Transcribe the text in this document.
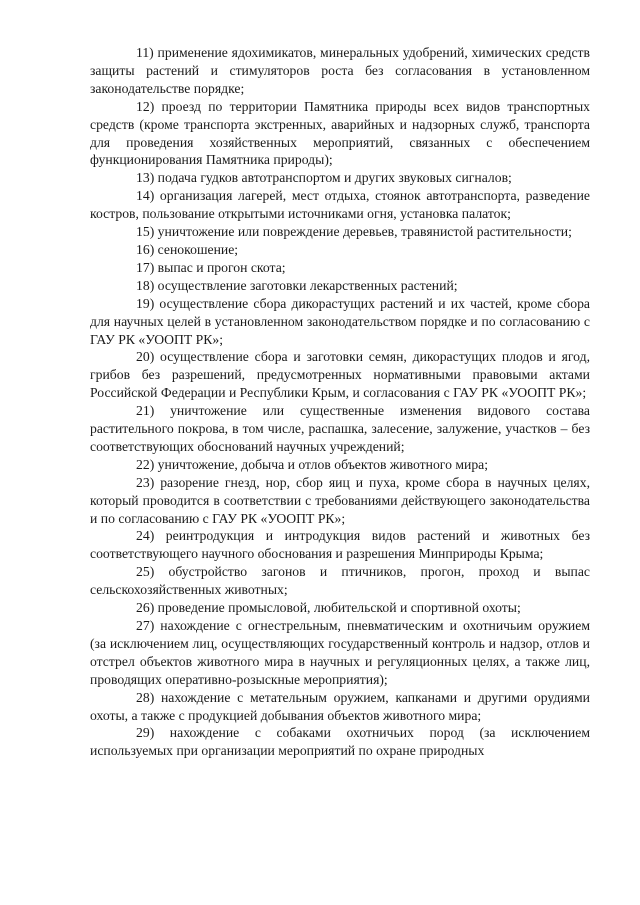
11) применение ядохимикатов, минеральных удобрений, химических средств защиты растений и стимуляторов роста без согласования в установленном законодательстве порядке;

12) проезд по территории Памятника природы всех видов транспортных средств (кроме транспорта экстренных, аварийных и надзорных служб, транспорта для проведения хозяйственных мероприятий, связанных с обеспечением функционирования Памятника природы);

13) подача гудков автотранспортом и других звуковых сигналов;

14) организация лагерей, мест отдыха, стоянок автотранспорта, разведение костров, пользование открытыми источниками огня, установка палаток;

15) уничтожение или повреждение деревьев, травянистой растительности;

16) сенокошение;

17) выпас и прогон скота;

18) осуществление заготовки лекарственных растений;

19) осуществление сбора дикорастущих растений и их частей, кроме сбора для научных целей в установленном законодательством порядке и по согласованию с ГАУ РК «УООПТ РК»;

20) осуществление сбора и заготовки семян, дикорастущих плодов и ягод, грибов без разрешений, предусмотренных нормативными правовыми актами Российской Федерации и Республики Крым, и согласования с ГАУ РК «УООПТ РК»;

21) уничтожение или существенные изменения видового состава растительного покрова, в том числе, распашка, залесение, залужение, участков – без соответствующих обоснований научных учреждений;

22) уничтожение, добыча и отлов объектов животного мира;

23) разорение гнезд, нор, сбор яиц и пуха, кроме сбора в научных целях, который проводится в соответствии с требованиями действующего законодательства и по согласованию с ГАУ РК «УООПТ РК»;

24) реинтродукция и интродукция видов растений и животных без соответствующего научного обоснования и разрешения Минприроды Крыма;

25) обустройство загонов и птичников, прогон, проход и выпас сельскохозяйственных животных;

26) проведение промысловой, любительской и спортивной охоты;

27) нахождение с огнестрельным, пневматическим и охотничьим оружием (за исключением лиц, осуществляющих государственный контроль и надзор, отлов и отстрел объектов животного мира в научных и регуляционных целях, а также лиц, проводящих оперативно-розыскные мероприятия);

28) нахождение с метательным оружием, капканами и другими орудиями охоты, а также с продукцией добывания объектов животного мира;

29) нахождение с собаками охотничьих пород (за исключением используемых при организации мероприятий по охране природных
